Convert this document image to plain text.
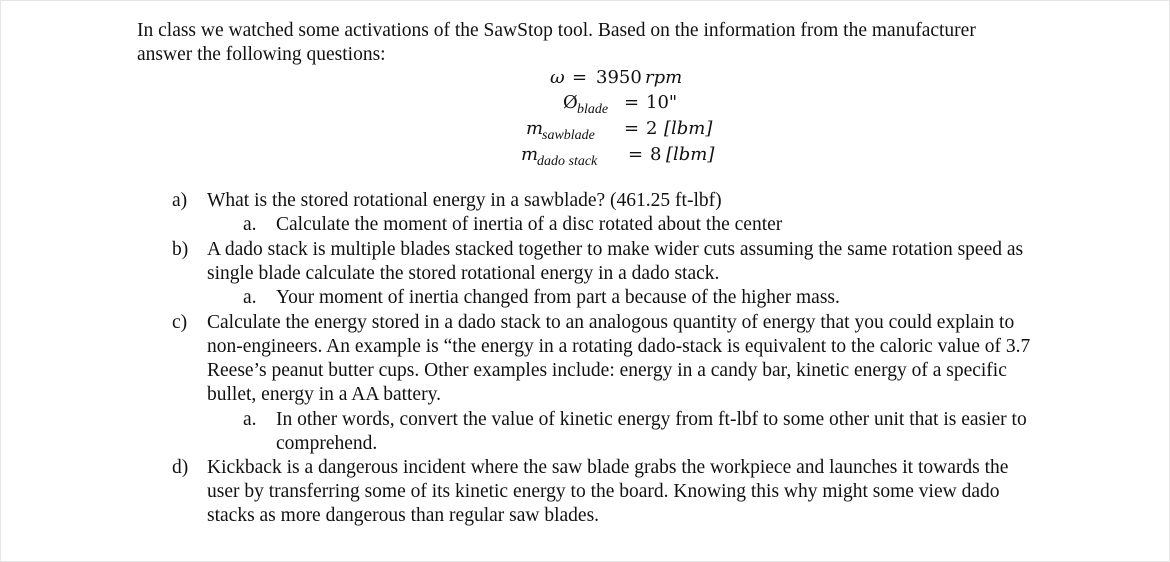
In class we watched some activations of the SawStop tool. Based on the information from the manufacturer

answer the following questions:

ω = 3950 rpm
Ø blade = 10"
m
sawblade = 2 [lbm]
m
dado stack = 8 [lbm]
a) What is the stored rotational energy in a sawblade? (461.25 ft-lbf)
a. Calculate the moment of inertia of a disc rotated about the center
b) A dado stack is multiple blades stacked together to make wider cuts assuming the same rotation speed as
single blade calculate the stored rotational energy in a dado stack.
a. Your moment of inertia changed from part a because of the higher mass.
c) Calculate the energy stored in a dado stack to an analogous quantity of energy that you could explain to
non-engineers. An example is “the energy in a rotating dado-stack is equivalent to the caloric value of 3.7
Reese’s peanut butter cups. Other examples include: energy in a candy bar, kinetic energy of a specific
bullet, energy in a AA battery.
a. In other words, convert the value of kinetic energy from ft-lbf to some other unit that is easier to
comprehend.
d) Kickback is a dangerous incident where the saw blade grabs the workpiece and launches it towards the
user by transferring some of its kinetic energy to the board. Knowing this why might some view dado
stacks as more dangerous than regular saw blades.
